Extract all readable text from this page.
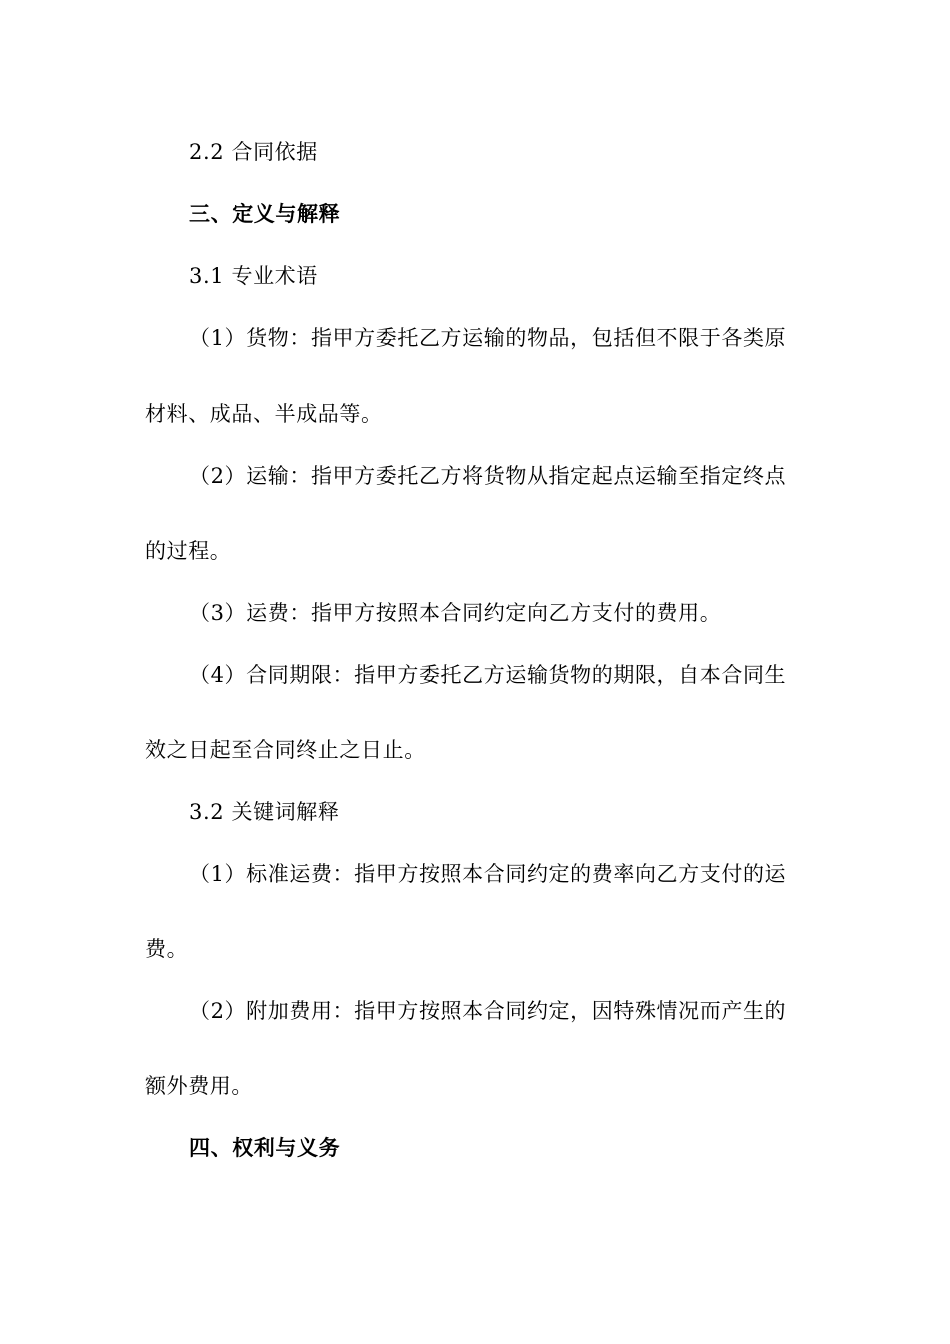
2.2 合同依据
三、定义与解释
3.1 专业术语
（1）货物：指甲方委托乙方运输的物品，包括但不限于各类原
材料、成品、半成品等。
（2）运输：指甲方委托乙方将货物从指定起点运输至指定终点
的过程。
（3）运费：指甲方按照本合同约定向乙方支付的费用。
（4）合同期限：指甲方委托乙方运输货物的期限，自本合同生
效之日起至合同终止之日止。
3.2 关键词解释
（1）标准运费：指甲方按照本合同约定的费率向乙方支付的运
费。
（2）附加费用：指甲方按照本合同约定，因特殊情况而产生的
额外费用。
四、权利与义务
